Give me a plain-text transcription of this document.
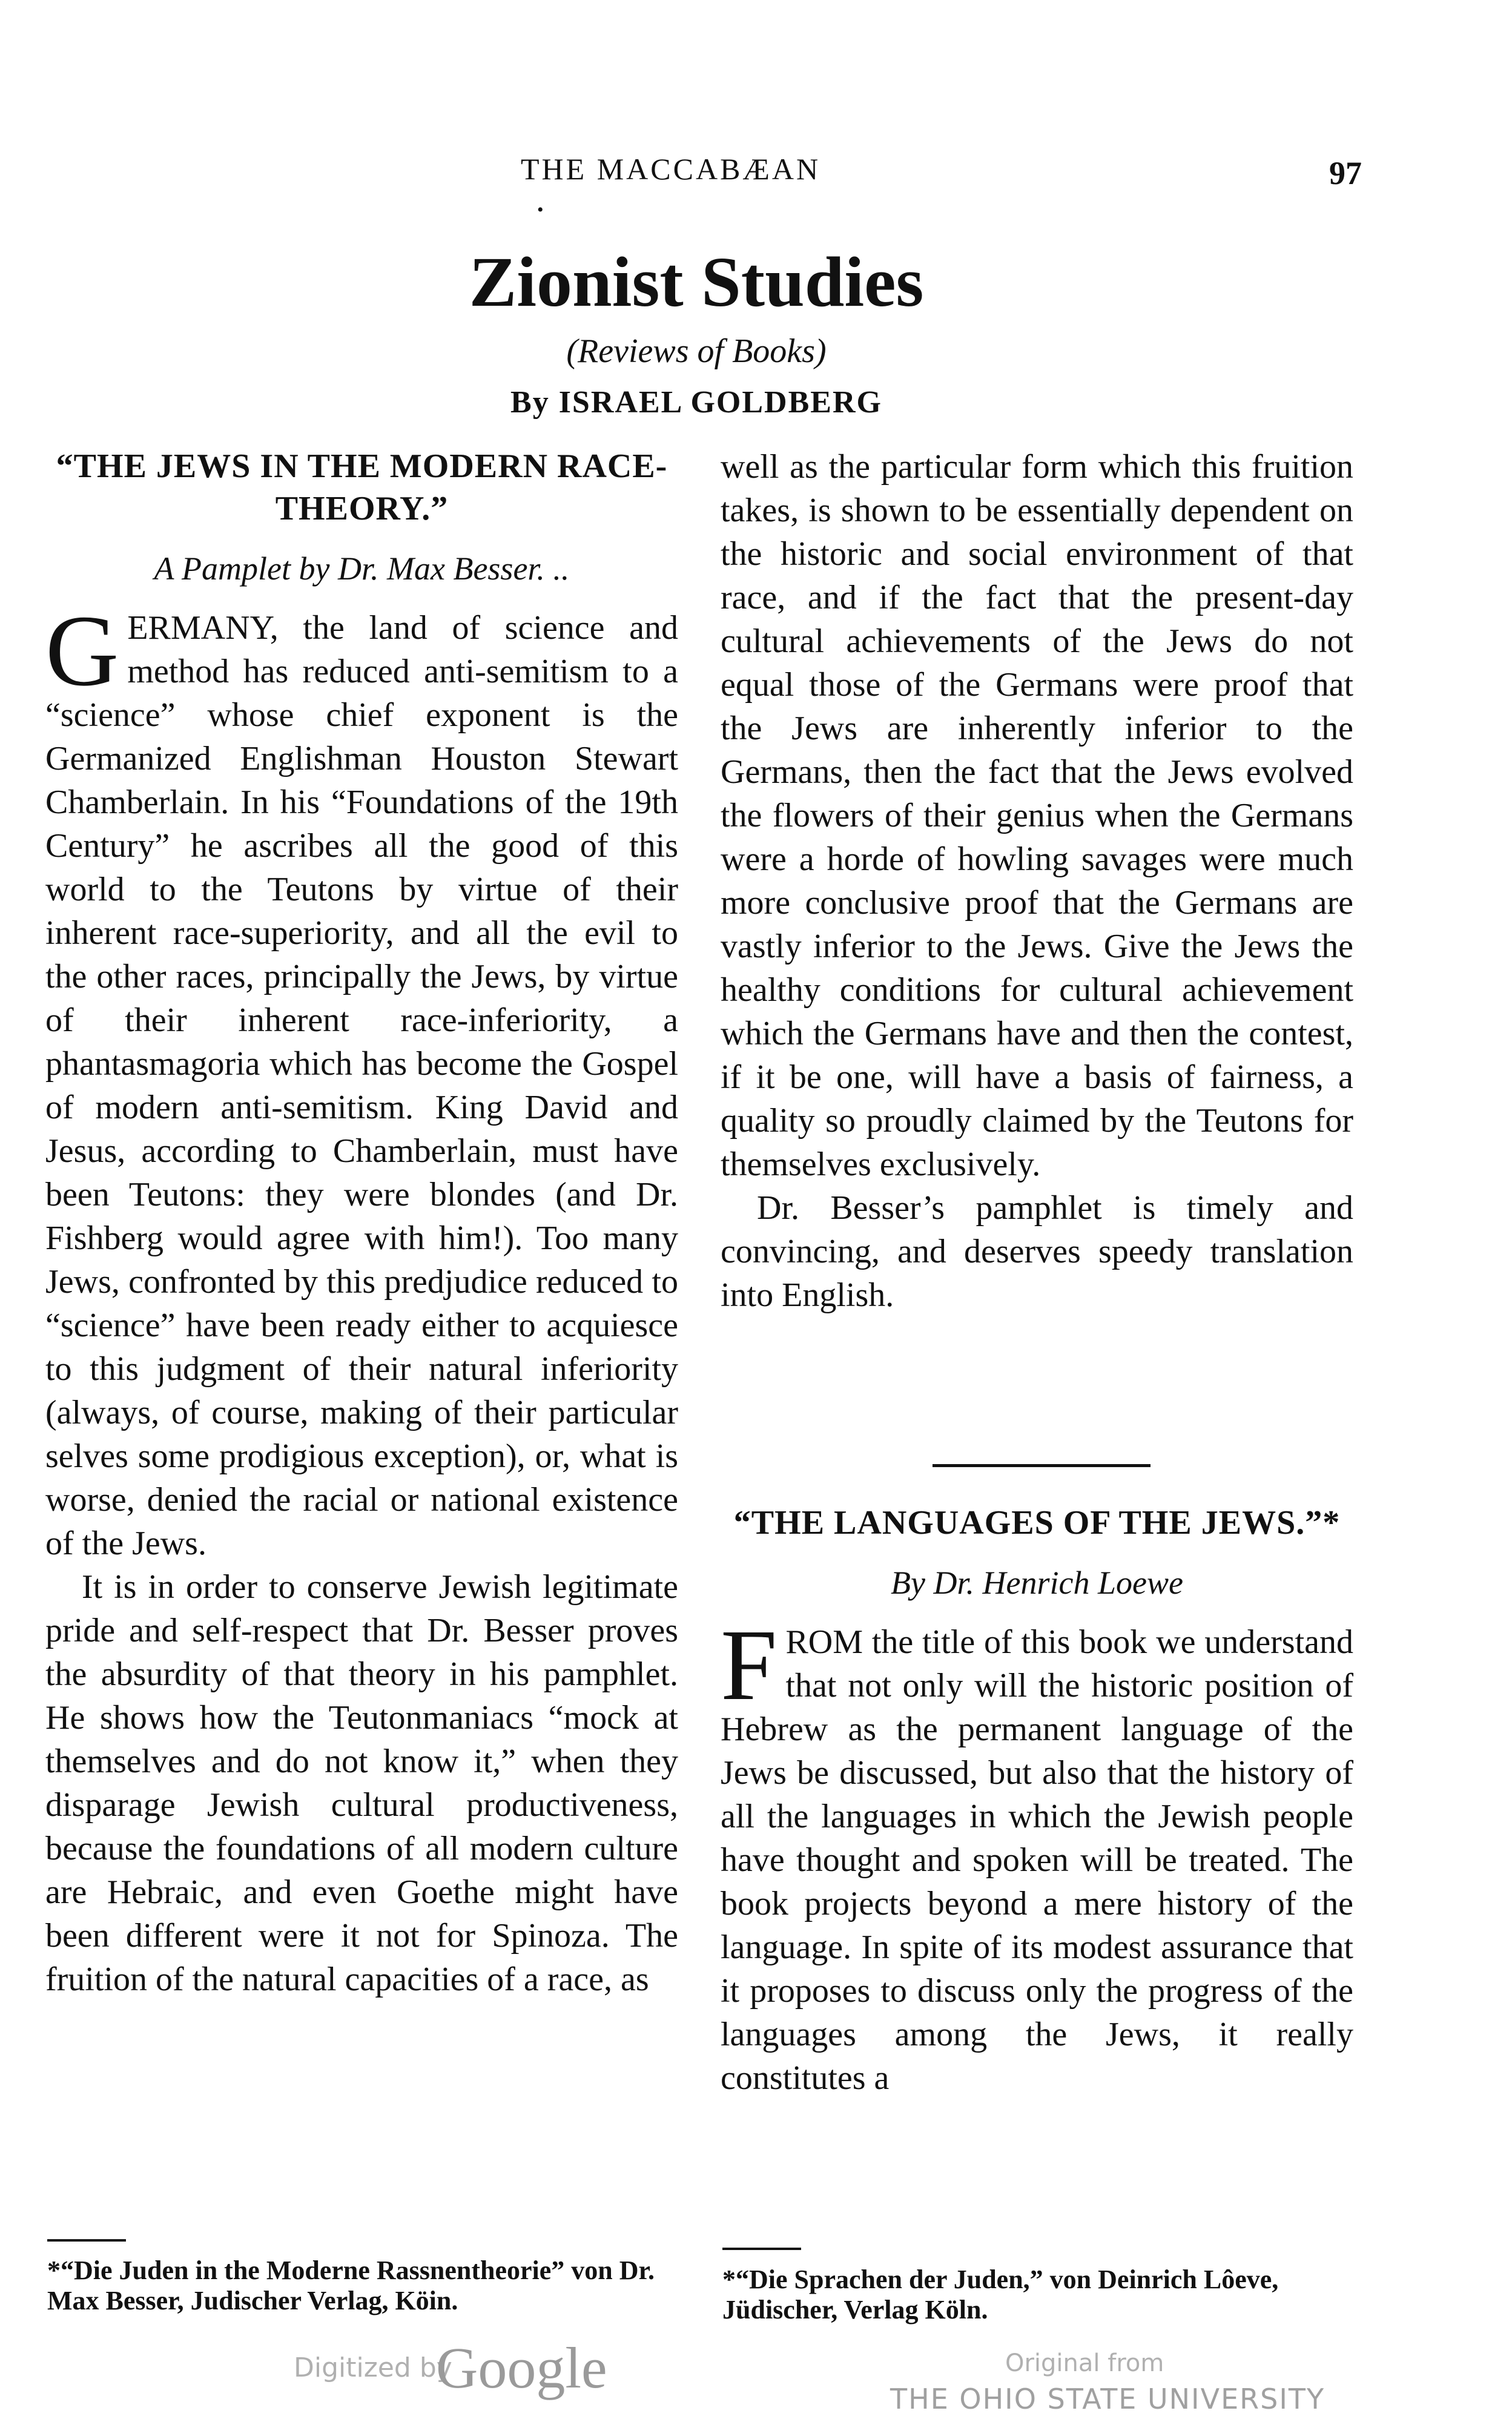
THE MACCABÆAN	97
•
Zionist Studies
(Reviews of Books)
By ISRAEL GOLDBERG
“THE JEWS IN THE MODERN RACE-THEORY.”
A Pamplet by Dr. Max Besser. ..
G ERMANY, the land of science and method has reduced anti-semitism to a “science” whose chief exponent is the Germanized Englishman Houston Stewart Chamberlain. In his “Foundations of the 19th Century” he ascribes all the good of this world to the Teutons by virtue of their inherent race-superiority, and all the evil to the other races, principally the Jews, by virtue of their inherent race-inferiority, a phantasmagoria which has become the Gospel of modern anti-semitism. King David and Jesus, according to Chamberlain, must have been Teutons: they were blondes (and Dr. Fishberg would agree with him!). Too many Jews, confronted by this predjudice reduced to “science” have been ready either to acquiesce to this judgment of their natural inferiority (always, of course, making of their particular selves some prodigious exception), or, what is worse, denied the racial or national existence of the Jews.
It is in order to conserve Jewish legitimate pride and self-respect that Dr. Besser proves the absurdity of that theory in his pamphlet. He shows how the Teutonmaniacs “mock at themselves and do not know it,” when they disparage Jewish cultural productiveness, because the foundations of all modern culture are Hebraic, and even Goethe might have been different were it not for Spinoza. The fruition of the natural capacities of a race, as
well as the particular form which this fruition takes, is shown to be essentially dependent on the historic and social environment of that race, and if the fact that the present-day cultural achievements of the Jews do not equal those of the Germans were proof that the Jews are inherently inferior to the Germans, then the fact that the Jews evolved the flowers of their genius when the Germans were a horde of howling savages were much more conclusive proof that the Germans are vastly inferior to the Jews. Give the Jews the healthy conditions for cultural achievement which the Germans have and then the contest, if it be one, will have a basis of fairness, a quality so proudly claimed by the Teutons for themselves exclusively.
Dr. Besser’s pamphlet is timely and convincing, and deserves speedy translation into English.
“THE LANGUAGES OF THE JEWS.”*
By Dr. Henrich Loewe
F ROM the title of this book we understand that not only will the historic position of Hebrew as the permanent language of the Jews be discussed, but also that the history of all the languages in which the Jewish people have thought and spoken will be treated. The book projects beyond a mere history of the language. In spite of its modest assurance that it proposes to discuss only the progress of the languages among the Jews, it really constitutes a
*“Die Juden in the Moderne Rassnentheorie” von Dr. Max Besser, Judischer Verlag, Köin.
*“Die Sprachen der Juden,” von Deinrich Lôeve, Jüdischer, Verlag Köln.
Digitized by
Google	Original from
THE OHIO STATE UNIVERSITY
